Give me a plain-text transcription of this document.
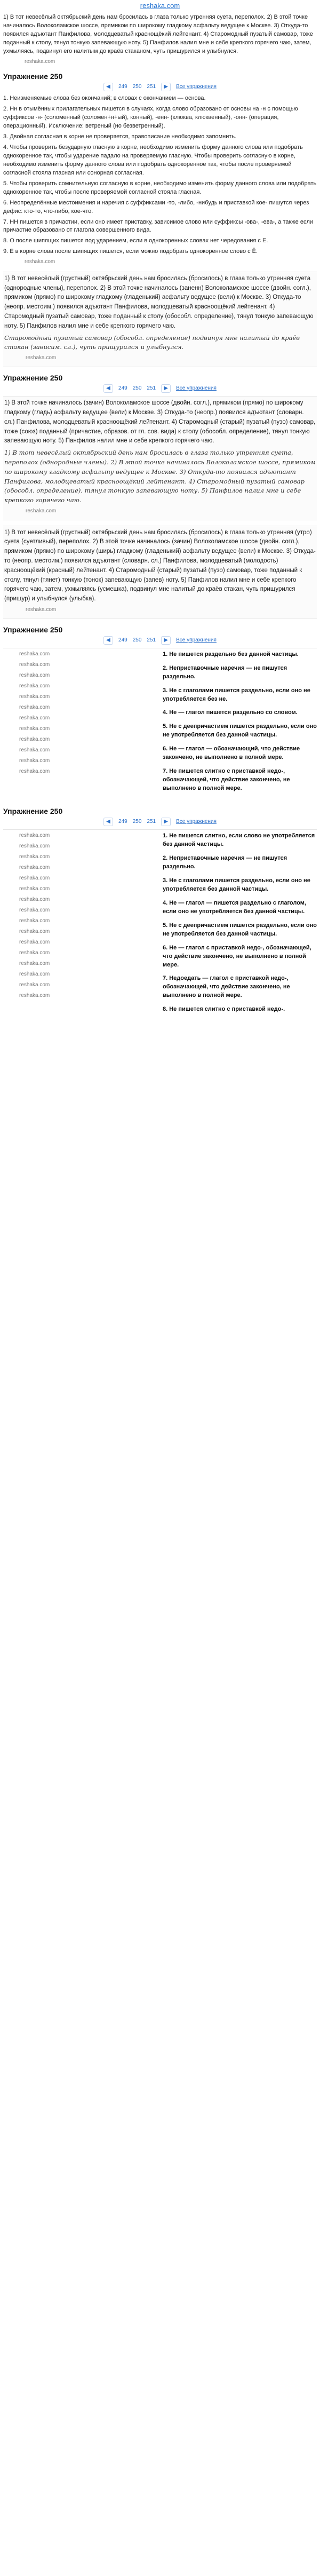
reshaka.com

1) В тот невесёлый октябрьский день нам бросилась в глаза только утренняя суета, переполох. 2) В этой точке начиналось Волоколамское шоссе, прямиком по широкому гладкому асфальту ведущее к Москве. 3) Откуда-то появился адъютант Панфилова, молодцеватый краснощёкий лейтенант. 4) Старомодный пузатый самовар, тоже поданный к столу, тянул тонкую запевающую ноту. 5) Панфилов налил мне и себе крепкого горячего чаю, затем, ухмыляясь, подвинул его налитым до краёв стаканом, чуть прищурился и улыбнулся.

reshaka.com
Упражнение 250
◀	249 250 251	▶	Все упражнения

1. Неизменяемые слова без окончаний; в словах с окончанием — основа.

2. Нн в отымённых прилагательных пишется в случаях, когда слово образовано от основы на -н с помощью суффиксов -н- (соломенный (соломен+н+ый), конный), -енн- (клюква, клюквенный), -онн- (операция, операционный). Исключение: ветреный (но безветренный).

3. Двойная согласная в корне не проверяется, правописание необходимо запомнить.

4. Чтобы проверить безударную гласную в корне, необходимо изменить форму данного слова или подобрать однокоренное так, чтобы ударение падало на проверяемую гласную. Чтобы проверить согласную в корне, необходимо изменить форму данного слова или подобрать однокоренное так, чтобы после проверяемой согласной стояла гласная или сонорная согласная.

5. Чтобы проверить сомнительную согласную в корне, необходимо изменить форму данного слова или подобрать однокоренное так, чтобы после проверяемой согласной стояла гласная.

6. Неопределённые местоимения и наречия с суффиксами -то, -либо, -нибудь и приставкой кое- пишутся через дефис: кто-то, что-либо, кое-что.

7. НН пишется в причастии, если оно имеет приставку, зависимое слово или суффиксы -ова-, -ева-, а также если причастие образовано от глагола совершенного вида.

8. О после шипящих пишется под ударением, если в однокоренных словах нет чередования с Е.

9. Е в корне слова после шипящих пишется, если можно подобрать однокоренное слово с Ё.

reshaka.com

1) В тот невесёлый (грустный) октябрьский день нам бросилась (бросилось) в глаза только утренняя суета (однородные члены), переполох. 2) В этой точке начиналось (заненн) Волоколамское шоссе (двойн. согл.), прямиком (прямо) по широкому гладкому (гладенький) асфальту ведущее (вели) к Москве. 3) Откуда-то (неопр. местоим.) появился адъютант Панфилова, молодцеватый красноощёкий лейтенант. 4) Старомодный пузатый самовар, тоже поданный к столу (обособл. определение), тянул тонкую запевающую ноту. 5) Панфилов налил мне и себе крепкого горячего чаю.

Старомодный пузатый самовар (обособл. определение) подвинул мне налитый до краёв стакан (зависим. сл.), чуть прищурился и улыбнулся.

reshaka.com
Упражнение 250
◀	249 250 251	▶	Все упражнения

1) В этой точке начиналось (зачин) Волоколамское шоссе (двойн. согл.), прямиком (прямо) по широкому гладкому (гладь) асфальту ведущее (вели) к Москве. 3) Откуда-то (неопр.) появился адъютант (словарн. сл.) Панфилова, молодцеватый красноощёкий лейтенант. 4) Старомодный (старый) пузатый (пузо) самовар, тоже (союз) поданный (причастие, образов. от гл. сов. вида) к столу (обособл. определение), тянул тонкую запевающую ноту. 5) Панфилов налил мне и себе крепкого горячего чаю.

1) В тот невесёлый октябрьский день нам бросилась в глаза только утренняя суета, переполох (однородные члены). 2) В этой точке начиналось Волоколамское шоссе, прямиком по широкому гладкому асфальту ведущее к Москве. 3) Откуда-то появился адъютант Панфилова, молодцеватый красноощёкий лейтенант. 4) Старомодный пузатый самовар (обособл. определение), тянул тонкую запевающую ноту. 5) Панфилов налил мне и себе крепкого горячего чаю.

reshaka.com

1) В тот невесёлый (грустный) октябрьский день нам бросилась (бросилось) в глаза только утренняя (утро) суета (суетливый), переполох. 2) В этой точке начиналось (зачин) Волоколамское шоссе (двойн. согл.), прямиком (прямо) по широкому (ширь) гладкому (гладенький) асфальту ведущее (вели) к Москве. 3) Откуда-то (неопр. местоим.) появился адъютант (словарн. сл.) Панфилова, молодцеватый (молодость) красноощёкий (красный) лейтенант. 4) Старомодный (старый) пузатый (пузо) самовар, тоже поданный к столу, тянул (тянет) тонкую (тонок) запевающую (запев) ноту. 5) Панфилов налил мне и себе крепкого горячего чаю, затем, ухмыляясь (усмешка), подвинул мне налитый до краёв стакан, чуть прищурился (прищур) и улыбнулся (улыбка).

reshaka.com
Упражнение 250
◀	249 250 251	▶	Все упражнения
reshaka.com
reshaka.com
reshaka.com
reshaka.com
reshaka.com
reshaka.com
reshaka.com
reshaka.com
reshaka.com
reshaka.com
reshaka.com
reshaka.com

1. Не пишется раздельно без данной частицы.

2. Неприставочные наречия — не пишутся раздельно.

3. Не с глаголами пишется раздельно, если оно не употребляется без не.

4. Не — глагол пишется раздельно со словом.

5. Не с деепричастием пишется раздельно, если оно не употребляется без данной частицы.

6. Не — глагол — обозначающий, что действие закончено, не выполнено в полной мере.

7. Не пишется слитно с приставкой недо-, обозначающей, что действие закончено, не выполнено в полной мере.

Упражнение 250
◀	249 250 251	▶	Все упражнения
reshaka.com
reshaka.com
reshaka.com
reshaka.com
reshaka.com
reshaka.com
reshaka.com
reshaka.com
reshaka.com
reshaka.com
reshaka.com
reshaka.com
reshaka.com
reshaka.com
reshaka.com
reshaka.com

1. Не пишется слитно, если слово не употребляется без данной частицы.

2. Неприставочные наречия — не пишутся раздельно.

3. Не с глаголами пишется раздельно, если оно не употребляется без данной частицы.

4. Не — глагол — пишется раздельно с глаголом, если оно не употребляется без данной частицы.

5. Не с деепричастием пишется раздельно, если оно не употребляется без данной частицы.

6. Не — глагол с приставкой недо-, обозначающей, что действие закончено, не выполнено в полной мере.

7. Недоедать — глагол с приставкой недо-, обозначающей, что действие закончено, не выполнено в полной мере.

8. Не пишется слитно с приставкой недо-.
